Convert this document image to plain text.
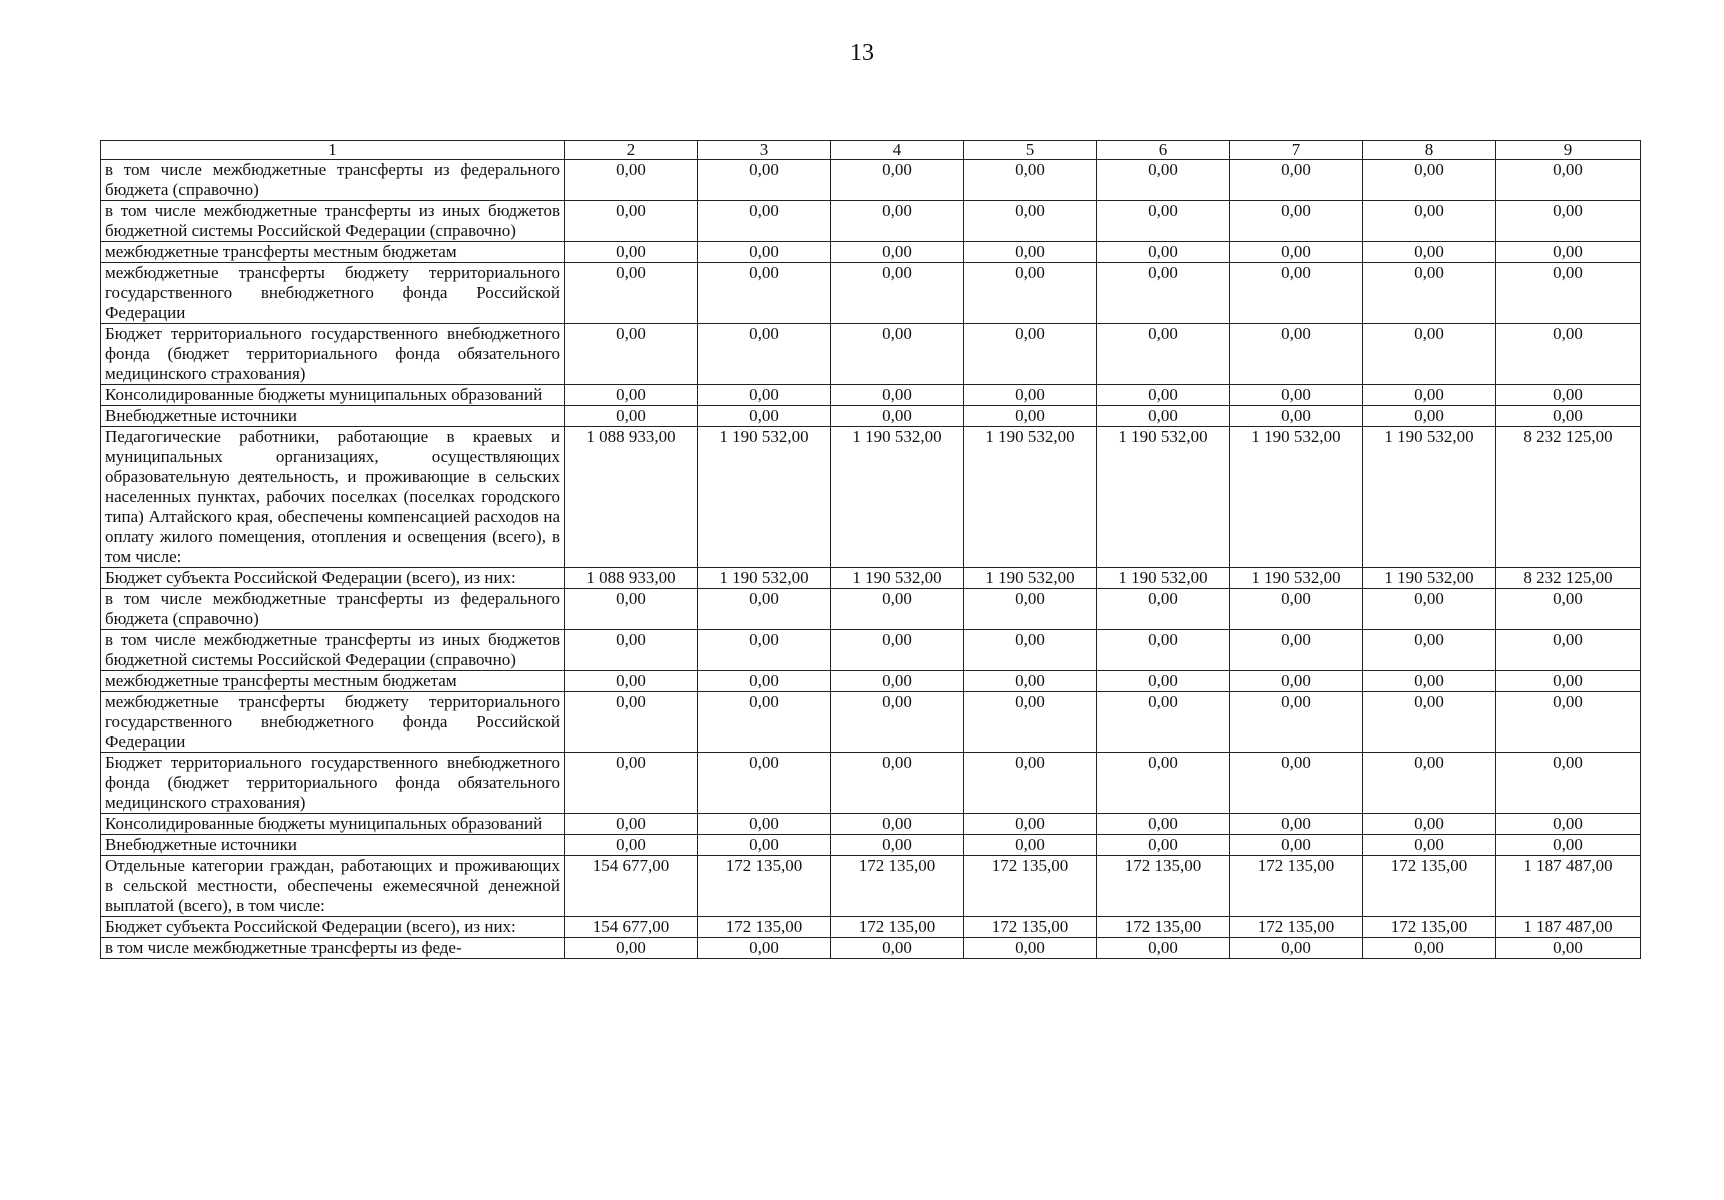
13
1	2	3	4	5	6	7	8	9
в том числе межбюджетные трансферты из федерального бюджета (справочно)	0,00	0,00	0,00	0,00	0,00	0,00	0,00	0,00
в том числе межбюджетные трансферты из иных бюджетов бюджетной системы Российской Федерации (справочно)	0,00	0,00	0,00	0,00	0,00	0,00	0,00	0,00
межбюджетные трансферты местным бюджетам	0,00	0,00	0,00	0,00	0,00	0,00	0,00	0,00
межбюджетные трансферты бюджету территориального государственного внебюджетного фонда Российской Федерации	0,00	0,00	0,00	0,00	0,00	0,00	0,00	0,00
Бюджет территориального государственного внебюджетного фонда (бюджет территориального фонда обязательного медицинского страхования)	0,00	0,00	0,00	0,00	0,00	0,00	0,00	0,00
Консолидированные бюджеты муниципальных образований	0,00	0,00	0,00	0,00	0,00	0,00	0,00	0,00
Внебюджетные источники	0,00	0,00	0,00	0,00	0,00	0,00	0,00	0,00
Педагогические работники, работающие в краевых и муниципальных организациях, осуществляющих образовательную деятельность, и проживающие в сельских населенных пунктах, рабочих поселках (поселках городского типа) Алтайского края, обеспечены компенсацией расходов на оплату жилого помещения, отопления и освещения (всего), в том числе:	1 088 933,00	1 190 532,00	1 190 532,00	1 190 532,00	1 190 532,00	1 190 532,00	1 190 532,00	8 232 125,00
Бюджет субъекта Российской Федерации (всего), из них:	1 088 933,00	1 190 532,00	1 190 532,00	1 190 532,00	1 190 532,00	1 190 532,00	1 190 532,00	8 232 125,00
в том числе межбюджетные трансферты из федерального бюджета (справочно)	0,00	0,00	0,00	0,00	0,00	0,00	0,00	0,00
в том числе межбюджетные трансферты из иных бюджетов бюджетной системы Российской Федерации (справочно)	0,00	0,00	0,00	0,00	0,00	0,00	0,00	0,00
межбюджетные трансферты местным бюджетам	0,00	0,00	0,00	0,00	0,00	0,00	0,00	0,00
межбюджетные трансферты бюджету территориального государственного внебюджетного фонда Российской Федерации	0,00	0,00	0,00	0,00	0,00	0,00	0,00	0,00
Бюджет территориального государственного внебюджетного фонда (бюджет территориального фонда обязательного медицинского страхования)	0,00	0,00	0,00	0,00	0,00	0,00	0,00	0,00
Консолидированные бюджеты муниципальных образований	0,00	0,00	0,00	0,00	0,00	0,00	0,00	0,00
Внебюджетные источники	0,00	0,00	0,00	0,00	0,00	0,00	0,00	0,00
Отдельные категории граждан, работающих и проживающих в сельской местности, обеспечены ежемесячной денежной выплатой (всего), в том числе:	154 677,00	172 135,00	172 135,00	172 135,00	172 135,00	172 135,00	172 135,00	1 187 487,00
Бюджет субъекта Российской Федерации (всего), из них:	154 677,00	172 135,00	172 135,00	172 135,00	172 135,00	172 135,00	172 135,00	1 187 487,00
в том числе межбюджетные трансферты из феде-	0,00	0,00	0,00	0,00	0,00	0,00	0,00	0,00
